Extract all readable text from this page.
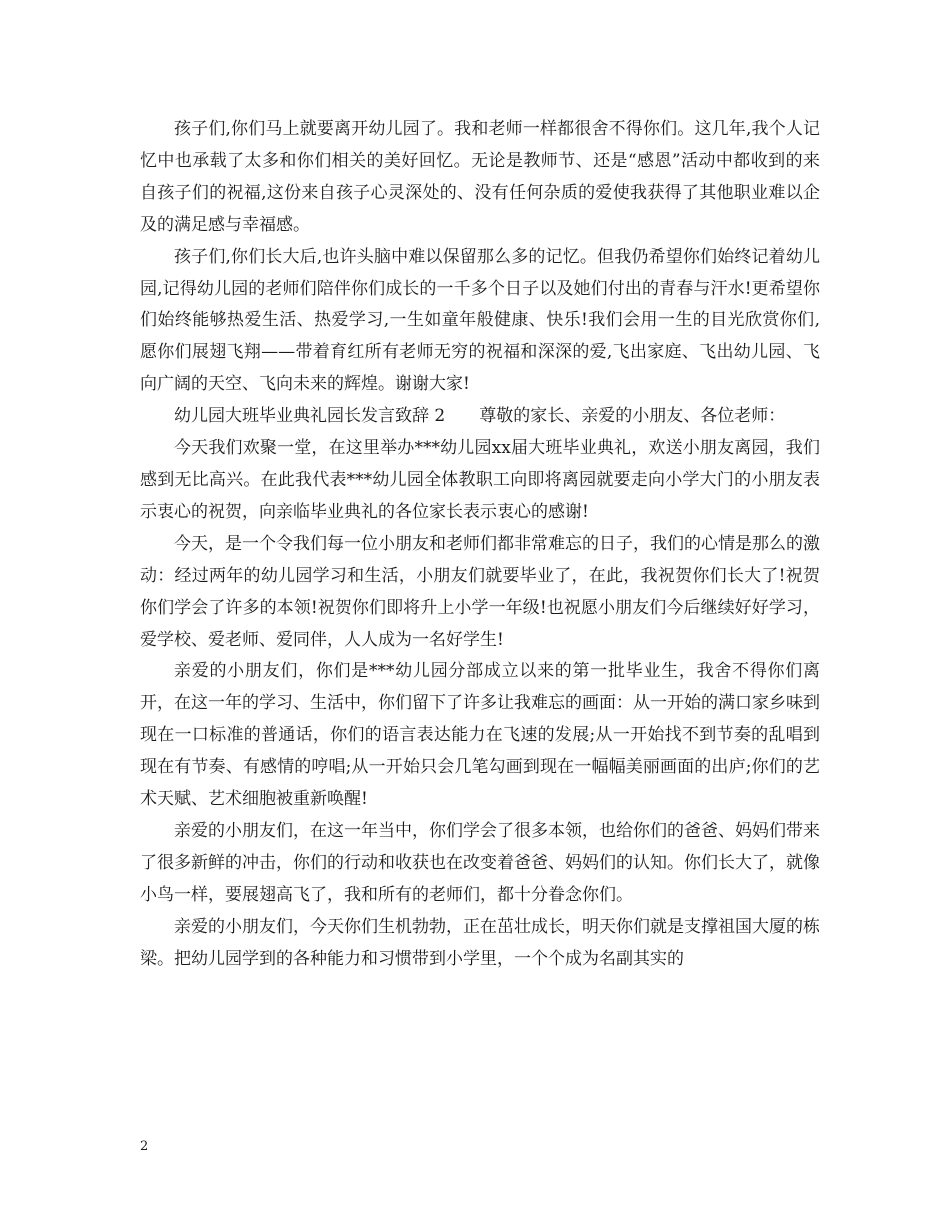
孩子们,你们马上就要离开幼儿园了。我和老师一样都很舍不得你们。这几年,我个人记忆中也承载了太多和你们相关的美好回忆。无论是教师节、还是“感恩”活动中都收到的来自孩子们的祝福,这份来自孩子心灵深处的、没有任何杂质的爱使我获得了其他职业难以企及的满足感与幸福感。

孩子们,你们长大后,也许头脑中难以保留那么多的记忆。但我仍希望你们始终记着幼儿园,记得幼儿园的老师们陪伴你们成长的一千多个日子以及她们付出的青春与汗水!更希望你们始终能够热爱生活、热爱学习,一生如童年般健康、快乐!我们会用一生的目光欣赏你们,愿你们展翅飞翔——带着育红所有老师无穷的祝福和深深的爱,飞出家庭、飞出幼儿园、飞向广阔的天空、飞向未来的辉煌。谢谢大家!

幼儿园大班毕业典礼园长发言致辞 2　　尊敬的家长、亲爱的小朋友、各位老师：

今天我们欢聚一堂，在这里举办***幼儿园xx届大班毕业典礼，欢送小朋友离园，我们感到无比高兴。在此我代表***幼儿园全体教职工向即将离园就要走向小学大门的小朋友表示衷心的祝贺，向亲临毕业典礼的各位家长表示衷心的感谢!

今天，是一个令我们每一位小朋友和老师们都非常难忘的日子，我们的心情是那么的激动：经过两年的幼儿园学习和生活，小朋友们就要毕业了，在此，我祝贺你们长大了!祝贺你们学会了许多的本领!祝贺你们即将升上小学一年级!也祝愿小朋友们今后继续好好学习，爱学校、爱老师、爱同伴，人人成为一名好学生!

亲爱的小朋友们，你们是***幼儿园分部成立以来的第一批毕业生，我舍不得你们离开，在这一年的学习、生活中，你们留下了许多让我难忘的画面：从一开始的满口家乡味到现在一口标准的普通话，你们的语言表达能力在飞速的发展;从一开始找不到节奏的乱唱到现在有节奏、有感情的哼唱;从一开始只会几笔勾画到现在一幅幅美丽画面的出庐;你们的艺术天赋、艺术细胞被重新唤醒!

亲爱的小朋友们，在这一年当中，你们学会了很多本领，也给你们的爸爸、妈妈们带来了很多新鲜的冲击，你们的行动和收获也在改变着爸爸、妈妈们的认知。你们长大了，就像小鸟一样，要展翅高飞了，我和所有的老师们，都十分眷念你们。

亲爱的小朋友们，今天你们生机勃勃，正在茁壮成长，明天你们就是支撑祖国大厦的栋梁。把幼儿园学到的各种能力和习惯带到小学里，一个个成为名副其实的

2
